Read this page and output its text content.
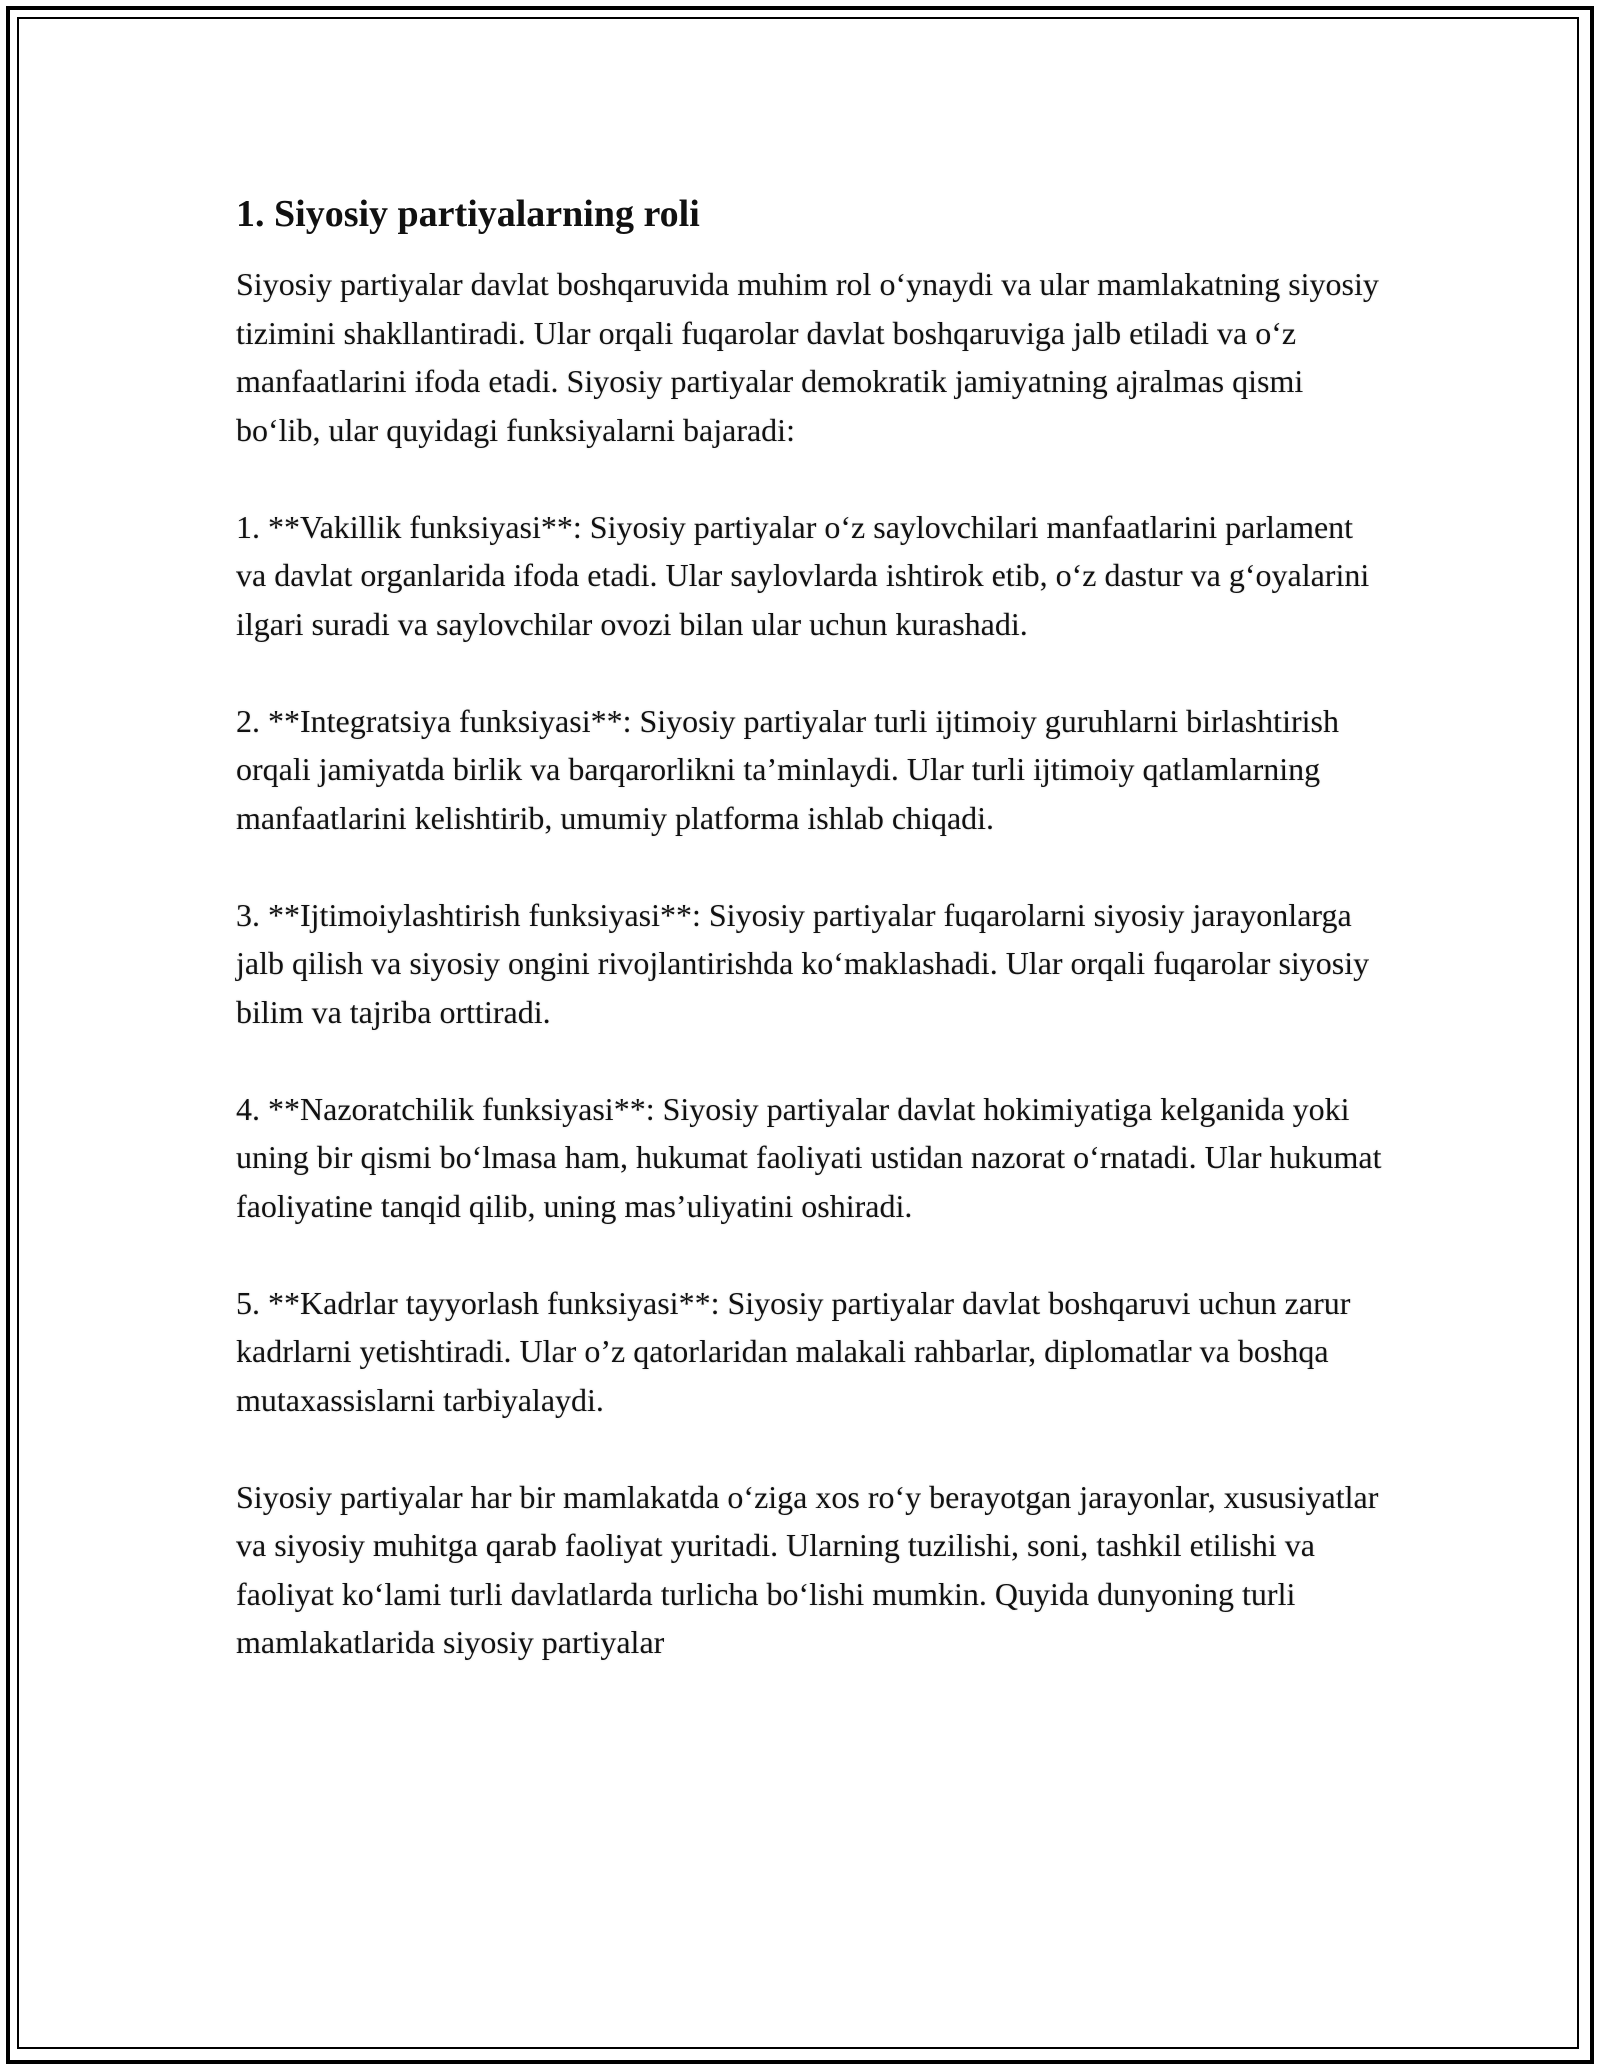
1. Siyosiy partiyalarning roli

Siyosiy partiyalar davlat boshqaruvida muhim rol o‘ynaydi va ular mamlakatning siyosiy tizimini shakllantiradi. Ular orqali fuqarolar davlat boshqaruviga jalb etiladi va o‘z manfaatlarini ifoda etadi. Siyosiy partiyalar demokratik jamiyatning ajralmas qismi bo‘lib, ular quyidagi funksiyalarni bajaradi:

1. **Vakillik funksiyasi**: Siyosiy partiyalar o‘z saylovchilari manfaatlarini parlament va davlat organlarida ifoda etadi. Ular saylovlarda ishtirok etib, o‘z dastur va g‘oyalarini ilgari suradi va saylovchilar ovozi bilan ular uchun kurashadi.

2. **Integratsiya funksiyasi**: Siyosiy partiyalar turli ijtimoiy guruhlarni birlashtirish orqali jamiyatda birlik va barqarorlikni ta’minlaydi. Ular turli ijtimoiy qatlamlarning manfaatlarini kelishtirib, umumiy platforma ishlab chiqadi.

3. **Ijtimoiylashtirish funksiyasi**: Siyosiy partiyalar fuqarolarni siyosiy jarayonlarga jalb qilish va siyosiy ongini rivojlantirishda ko‘maklashadi. Ular orqali fuqarolar siyosiy bilim va tajriba orttiradi.

4. **Nazoratchilik funksiyasi**: Siyosiy partiyalar davlat hokimiyatiga kelganida yoki uning bir qismi bo‘lmasa ham, hukumat faoliyati ustidan nazorat o‘rnatadi. Ular hukumat faoliyatine tanqid qilib, uning mas’uliyatini oshiradi.

5. **Kadrlar tayyorlash funksiyasi**: Siyosiy partiyalar davlat boshqaruvi uchun zarur kadrlarni yetishtiradi. Ular o’z qatorlaridan malakali rahbarlar, diplomatlar va boshqa mutaxassislarni tarbiyalaydi.

Siyosiy partiyalar har bir mamlakatda o‘ziga xos ro‘y berayotgan jarayonlar, xususiyatlar va siyosiy muhitga qarab faoliyat yuritadi. Ularning tuzilishi, soni, tashkil etilishi va faoliyat ko‘lami turli davlatlarda turlicha bo‘lishi mumkin. Quyida dunyoning turli mamlakatlarida siyosiy partiyalar
